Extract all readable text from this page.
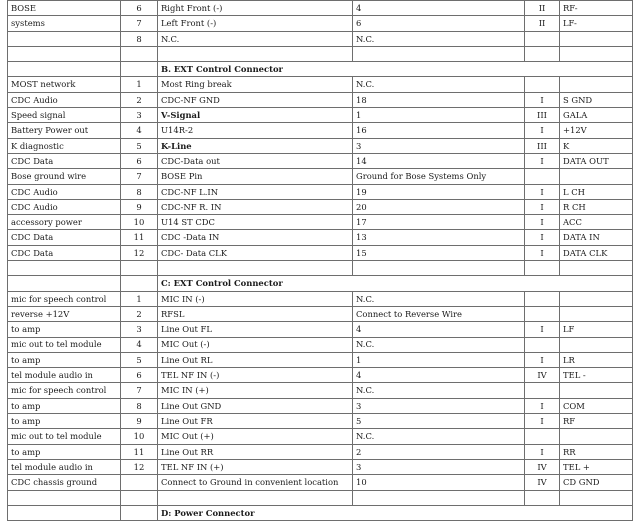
BOSE	6	Right Front (-)	4	II	RF-
systems	7	Left Front (-)	6	II	LF-
	8	N.C.	N.C.		

		B. EXT Control Connector			
MOST network	1	Most Ring break	N.C.		
CDC Audio	2	CDC-NF GND	18	I	S GND
Speed signal	3	V-Signal	1	III	GALA
Battery Power out	4	U14R-2	16	I	+12V
K diagnostic	5	K-Line	3	III	K
CDC Data	6	CDC-Data out	14	I	DATA OUT
Bose ground wire	7	BOSE Pin	Ground for Bose Systems Only		
CDC Audio	8	CDC-NF L.IN	19	I	L CH
CDC Audio	9	CDC-NF R. IN	20	I	R CH
accessory power	10	U14 ST CDC	17	I	ACC
CDC Data	11	CDC -Data IN	13	I	DATA IN
CDC Data	12	CDC- Data CLK	15	I	DATA CLK

		C: EXT Control Connector			
mic for speech control	1	MIC IN (-)	N.C.		
reverse +12V	2	RFSL	Connect to Reverse Wire		
to amp	3	Line Out FL	4	I	LF
mic out to tel module	4	MIC Out (-)	N.C.		
to amp	5	Line Out RL	1	I	LR
tel module audio in	6	TEL NF IN (-)	4	IV	TEL -
mic for speech control	7	MIC IN (+)	N.C.		
to amp	8	Line Out GND	3	I	COM
to amp	9	Line Out FR	5	I	RF
mic out to tel module	10	MIC Out (+)	N.C.		
to amp	11	Line Out RR	2	I	RR
tel module audio in	12	TEL NF IN (+)	3	IV	TEL +
CDC chassis ground		Connect to Ground in convenient location	10	IV	CD GND

		D: Power Connector			
